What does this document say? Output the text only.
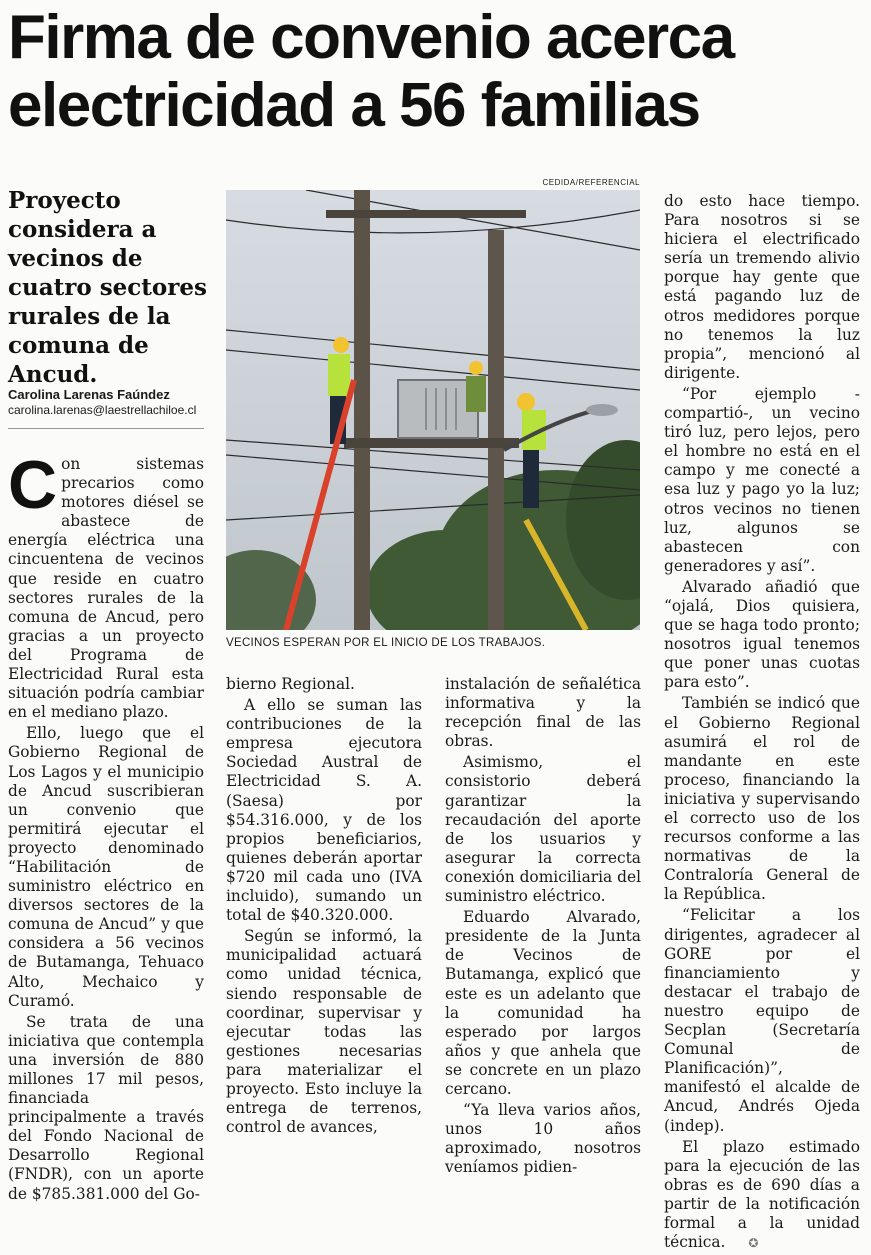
Firma de convenio acerca electricidad a 56 familias
Proyecto considera a vecinos de cuatro sectores rurales de la comuna de Ancud.
Carolina Larenas Faúndez
carolina.larenas@laestrellachiloe.cl
CEDIDA/REFERENCIAL
VECINOS ESPERAN POR EL INICIO DE LOS TRABAJOS.

Con sistemas precarios como motores diésel se abastece de energía eléctrica una cincuentena de vecinos que reside en cuatro sectores rurales de la comuna de Ancud, pero gracias a un proyecto del Programa de Electricidad Rural esta situación podría cambiar en el mediano plazo.

Ello, luego que el Gobierno Regional de Los Lagos y el municipio de Ancud suscribieran un convenio que permitirá ejecutar el proyecto denominado “Habilitación de suministro eléctrico en diversos sectores de la comuna de Ancud” y que considera a 56 vecinos de Butamanga, Tehuaco Alto, Mechaico y Curamó.

Se trata de una iniciativa que contempla una inversión de 880 millones 17 mil pesos, financiada principalmente a través del Fondo Nacional de Desarrollo Regional (FNDR), con un aporte de $785.381.000 del Go-

bierno Regional.

A ello se suman las contribuciones de la empresa ejecutora Sociedad Austral de Electricidad S. A. (Saesa) por $54.316.000, y de los propios beneficiarios, quienes deberán aportar $720 mil cada uno (IVA incluido), sumando un total de $40.320.000.

Según se informó, la municipalidad actuará como unidad técnica, siendo responsable de coordinar, supervisar y ejecutar todas las gestiones necesarias para materializar el proyecto. Esto incluye la entrega de terrenos, control de avances,

instalación de señalética informativa y la recepción final de las obras.

Asimismo, el consistorio deberá garantizar la recaudación del aporte de los usuarios y asegurar la correcta conexión domiciliaria del suministro eléctrico.

Eduardo Alvarado, presidente de la Junta de Vecinos de Butamanga, explicó que este es un adelanto que la comunidad ha esperado por largos años y que anhela que se concrete en un plazo cercano.

“Ya lleva varios años, unos 10 años aproximado, nosotros veníamos pidien-

do esto hace tiempo. Para nosotros si se hiciera el electrificado sería un tremendo alivio porque hay gente que está pagando luz de otros medidores porque no tenemos la luz propia”, mencionó al dirigente.

“Por ejemplo -compartió-, un vecino tiró luz, pero lejos, pero el hombre no está en el campo y me conecté a esa luz y pago yo la luz; otros vecinos no tienen luz, algunos se abastecen con generadores y así”.

Alvarado añadió que “ojalá, Dios quisiera, que se haga todo pronto; nosotros igual tenemos que poner unas cuotas para esto”.

También se indicó que el Gobierno Regional asumirá el rol de mandante en este proceso, financiando la iniciativa y supervisando el correcto uso de los recursos conforme a las normativas de la Contraloría General de la República.

“Felicitar a los dirigentes, agradecer al GORE por el financiamiento y destacar el trabajo de nuestro equipo de Secplan (Secretaría Comunal de Planificación)”, manifestó el alcalde de Ancud, Andrés Ojeda (indep).

El plazo estimado para la ejecución de las obras es de 690 días a partir de la notificación formal a la unidad técnica. ✪
